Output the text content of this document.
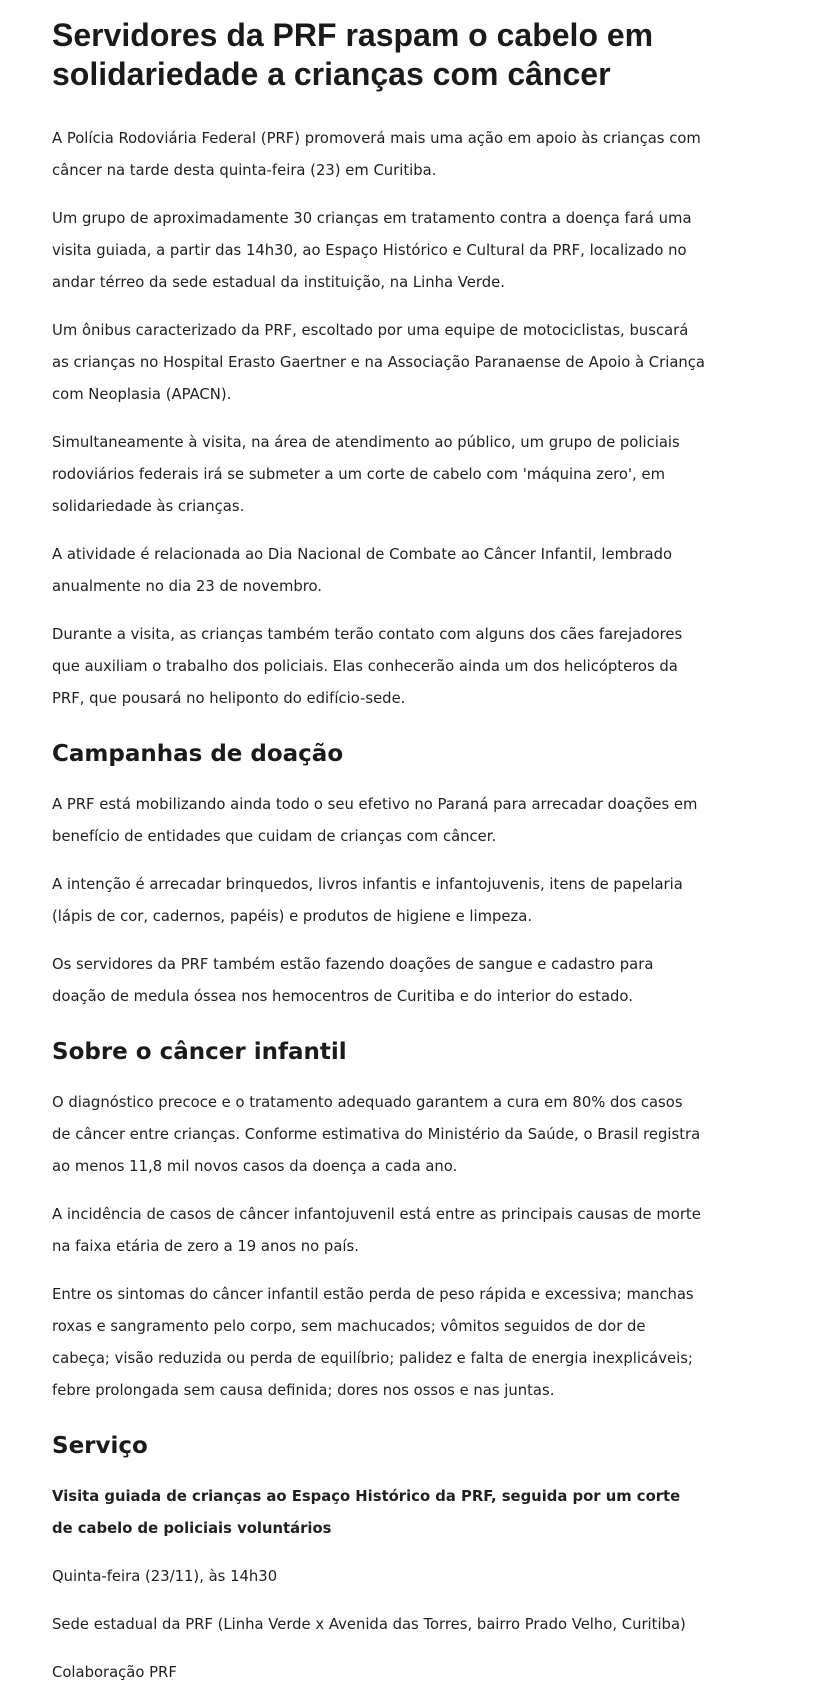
Servidores da PRF raspam o cabelo em solidariedade a crianças com câncer

A Polícia Rodoviária Federal (PRF) promoverá mais uma ação em apoio às crianças com câncer na tarde desta quinta-feira (23) em Curitiba.

Um grupo de aproximadamente 30 crianças em tratamento contra a doença fará uma visita guiada, a partir das 14h30, ao Espaço Histórico e Cultural da PRF, localizado no andar térreo da sede estadual da instituição, na Linha Verde.

Um ônibus caracterizado da PRF, escoltado por uma equipe de motociclistas, buscará as crianças no Hospital Erasto Gaertner e na Associação Paranaense de Apoio à Criança com Neoplasia (APACN).

Simultaneamente à visita, na área de atendimento ao público, um grupo de policiais rodoviários federais irá se submeter a um corte de cabelo com 'máquina zero', em solidariedade às crianças.

A atividade é relacionada ao Dia Nacional de Combate ao Câncer Infantil, lembrado anualmente no dia 23 de novembro.

Durante a visita, as crianças também terão contato com alguns dos cães farejadores que auxiliam o trabalho dos policiais. Elas conhecerão ainda um dos helicópteros da PRF, que pousará no heliponto do edifício-sede.

Campanhas de doação

A PRF está mobilizando ainda todo o seu efetivo no Paraná para arrecadar doações em benefício de entidades que cuidam de crianças com câncer.

A intenção é arrecadar brinquedos, livros infantis e infantojuvenis, itens de papelaria (lápis de cor, cadernos, papéis) e produtos de higiene e limpeza.

Os servidores da PRF também estão fazendo doações de sangue e cadastro para doação de medula óssea nos hemocentros de Curitiba e do interior do estado.

Sobre o câncer infantil

O diagnóstico precoce e o tratamento adequado garantem a cura em 80% dos casos de câncer entre crianças. Conforme estimativa do Ministério da Saúde, o Brasil registra ao menos 11,8 mil novos casos da doença a cada ano.

A incidência de casos de câncer infantojuvenil está entre as principais causas de morte na faixa etária de zero a 19 anos no país.

Entre os sintomas do câncer infantil estão perda de peso rápida e excessiva; manchas roxas e sangramento pelo corpo, sem machucados; vômitos seguidos de dor de cabeça; visão reduzida ou perda de equilíbrio; palidez e falta de energia inexplicáveis; febre prolongada sem causa definida; dores nos ossos e nas juntas.

Serviço

Visita guiada de crianças ao Espaço Histórico da PRF, seguida por um corte de cabelo de policiais voluntários

Quinta-feira (23/11), às 14h30

Sede estadual da PRF (Linha Verde x Avenida das Torres, bairro Prado Velho, Curitiba)

Colaboração PRF
